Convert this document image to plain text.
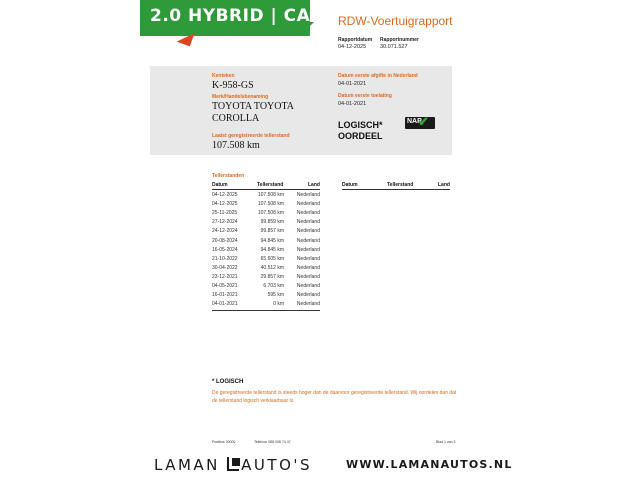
2.0 HYBRID | CARPLAY
RDW-Voertuigrapport
Rapportdatum
04-12-2025
Rapportnummer
30.071.527
Kenteken
K-958-GS
Merk/Handelsbenaming
TOYOTA TOYOTA
COROLLA
Laatst geregistreerde tellerstand
107.508 km
Datum eerste afgifte in Nederland
04-01-2021
Datum eerste toelating
04-01-2021
LOGISCH*
OORDEEL
NAP
✔
Tellerstanden
Datum	Tellerstand	Land	Datum	Tellerstand	Land
04-12-2025	107.508 km	Nederland
04-12-2025	107.508 km	Nederland
25-11-2025	107.508 km	Nederland
27-12-2024	99.859 km	Nederland
24-12-2024	99.857 km	Nederland
20-08-2024	94.845 km	Nederland
16-05-2024	94.845 km	Nederland
21-10-2022	65.605 km	Nederland
30-04-2022	40.512 km	Nederland
23-12-2021	29.857 km	Nederland
04-05-2021	6.703 km	Nederland
16-01-2021	595 km	Nederland
04-01-2021	0 km	Nederland
* LOGISCH
De geregistreerde tellerstand is steeds hoger dan de daarvoor geregistreerde tellerstand. Wij oordelen dan dat de tellerstand logisch verklaarbaar is.
Postbus 30000	Telefoon 088 008 74 47	Blad 1 van 3
LAMAN AUTO'S	WWW.LAMANAUTOS.NL
